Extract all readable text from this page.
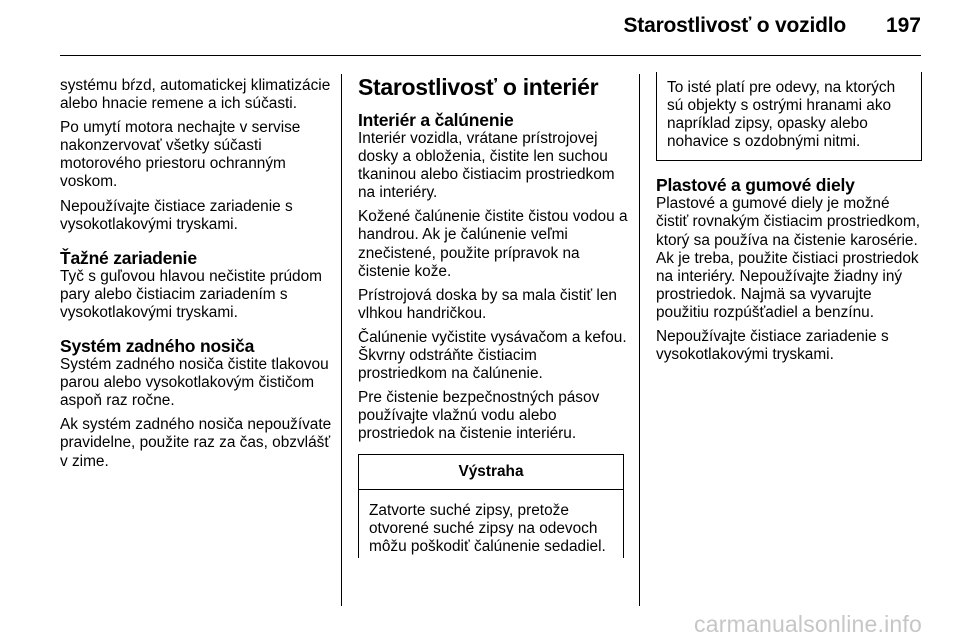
Starostlivosť o vozidlo 197

systému bŕzd, automatickej klimatizácie alebo hnacie remene a ich súčasti.

Po umytí motora nechajte v servise nakonzervovať všetky súčasti motorového priestoru ochranným voskom.

Nepoužívajte čistiace zariadenie s vysokotlakovými tryskami.

Ťažné zariadenie

Tyč s guľovou hlavou nečistite prúdom pary alebo čistiacim zariadením s vysokotlakovými tryskami.

Systém zadného nosiča

Systém zadného nosiča čistite tlakovou parou alebo vysokotlakovým čističom aspoň raz ročne.

Ak systém zadného nosiča nepoužívate pravidelne, použite raz za čas, obzvlášť v zime.

Starostlivosť o interiér
Interiér a čalúnenie

Interiér vozidla, vrátane prístrojovej dosky a obloženia, čistite len suchou tkaninou alebo čistiacim prostriedkom na interiéry.

Kožené čalúnenie čistite čistou vodou a handrou. Ak je čalúnenie veľmi znečistené, použite prípravok na čistenie kože.

Prístrojová doska by sa mala čistiť len vlhkou handričkou.

Čalúnenie vyčistite vysávačom a kefou. Škvrny odstráňte čistiacim prostriedkom na čalúnenie.

Pre čistenie bezpečnostných pásov používajte vlažnú vodu alebo prostriedok na čistenie interiéru.

Výstraha
Zatvorte suché zipsy, pretože otvorené suché zipsy na odevoch môžu poškodiť čalúnenie sedadiel.
To isté platí pre odevy, na ktorých sú objekty s ostrými hranami ako napríklad zipsy, opasky alebo nohavice s ozdobnými nitmi.
Plastové a gumové diely

Plastové a gumové diely je možné čistiť rovnakým čistiacim prostriedkom, ktorý sa používa na čistenie karosérie. Ak je treba, použite čistiaci prostriedok na interiéry. Nepoužívajte žiadny iný prostriedok. Najmä sa vyvarujte použitiu rozpúšťadiel a benzínu.

Nepoužívajte čistiace zariadenie s vysokotlakovými tryskami.

carmanualsonline.info
